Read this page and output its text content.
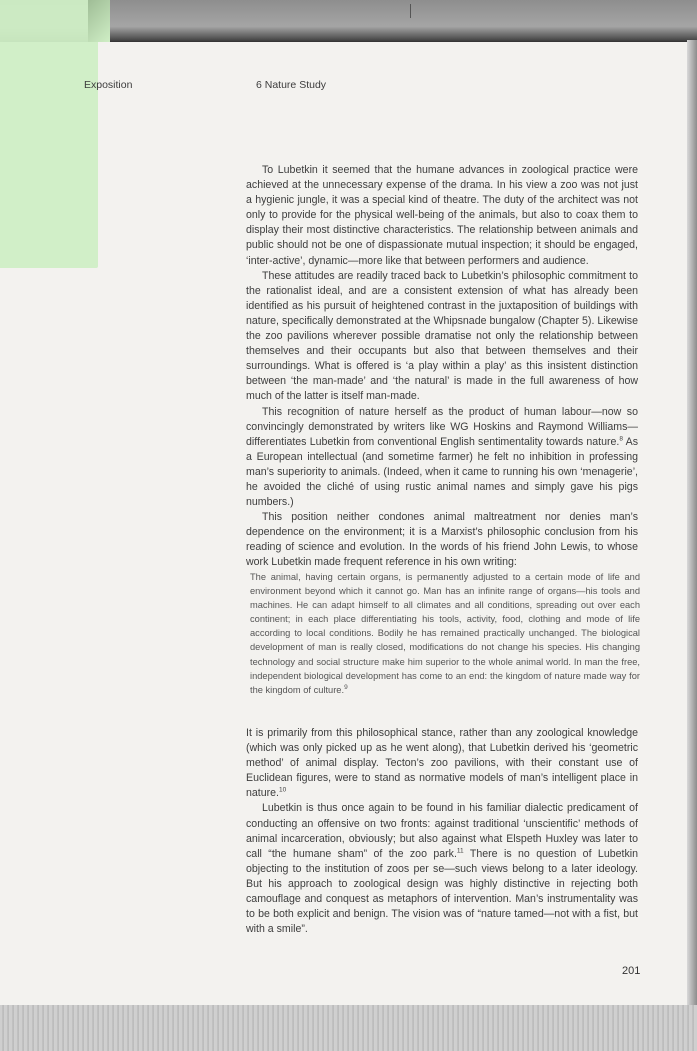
Exposition	6 Nature Study

To Lubetkin it seemed that the humane advances in zoological practice were achieved at the unnecessary expense of the drama. In his view a zoo was not just a hygienic jungle, it was a special kind of theatre. The duty of the architect was not only to provide for the physical well-being of the animals, but also to coax them to display their most distinctive characteristics. The relationship between animals and public should not be one of dispassionate mutual inspection; it should be engaged, ‘inter-active’, dynamic—more like that between performers and audience.

These attitudes are readily traced back to Lubetkin’s philosophic commitment to the rationalist ideal, and are a consistent extension of what has already been identified as his pursuit of heightened contrast in the juxtaposition of buildings with nature, specifically demonstrated at the Whipsnade bungalow (Chapter 5). Likewise the zoo pavilions wherever possible dramatise not only the relationship between themselves and their occupants but also that between themselves and their surroundings. What is offered is ‘a play within a play’ as this insistent distinction between ‘the man-made’ and ‘the natural’ is made in the full awareness of how much of the latter is itself man-made.

This recognition of nature herself as the product of human labour—now so convincingly demonstrated by writers like WG Hoskins and Raymond Williams—differentiates Lubetkin from conventional English sentimentality towards nature.$^8$ As a European intellectual (and sometime farmer) he felt no inhibition in professing man’s superiority to animals. (Indeed, when it came to running his own ‘menagerie’, he avoided the cliché of using rustic animal names and simply gave his pigs numbers.)

This position neither condones animal maltreatment nor denies man’s dependence on the environment; it is a Marxist’s philosophic conclusion from his reading of science and evolution. In the words of his friend John Lewis, to whose work Lubetkin made frequent reference in his own writing:

The animal, having certain organs, is permanently adjusted to a certain mode of life and environment beyond which it cannot go. Man has an infinite range of organs—his tools and machines. He can adapt himself to all climates and all conditions, spreading out over each continent; in each place differentiating his tools, activity, food, clothing and mode of life according to local conditions. Bodily he has remained practically unchanged. The biological development of man is really closed, modifications do not change his species. His changing technology and social structure make him superior to the whole animal world. In man the free, independent biological development has come to an end: the kingdom of nature made way for the kingdom of culture.$^9$

It is primarily from this philosophical stance, rather than any zoological knowledge (which was only picked up as he went along), that Lubetkin derived his ‘geometric method’ of animal display. Tecton’s zoo pavilions, with their constant use of Euclidean figures, were to stand as normative models of man’s intelligent place in nature.$^{10}$

Lubetkin is thus once again to be found in his familiar dialectic predicament of conducting an offensive on two fronts: against traditional ‘unscientific’ methods of animal incarceration, obviously; but also against what Elspeth Huxley was later to call “the humane sham” of the zoo park.$^{11}$ There is no question of Lubetkin objecting to the institution of zoos per se—such views belong to a later ideology. But his approach to zoological design was highly distinctive in rejecting both camouflage and conquest as metaphors of intervention. Man’s instrumentality was to be both explicit and benign. The vision was of “nature tamed—not with a fist, but with a smile”.

201
